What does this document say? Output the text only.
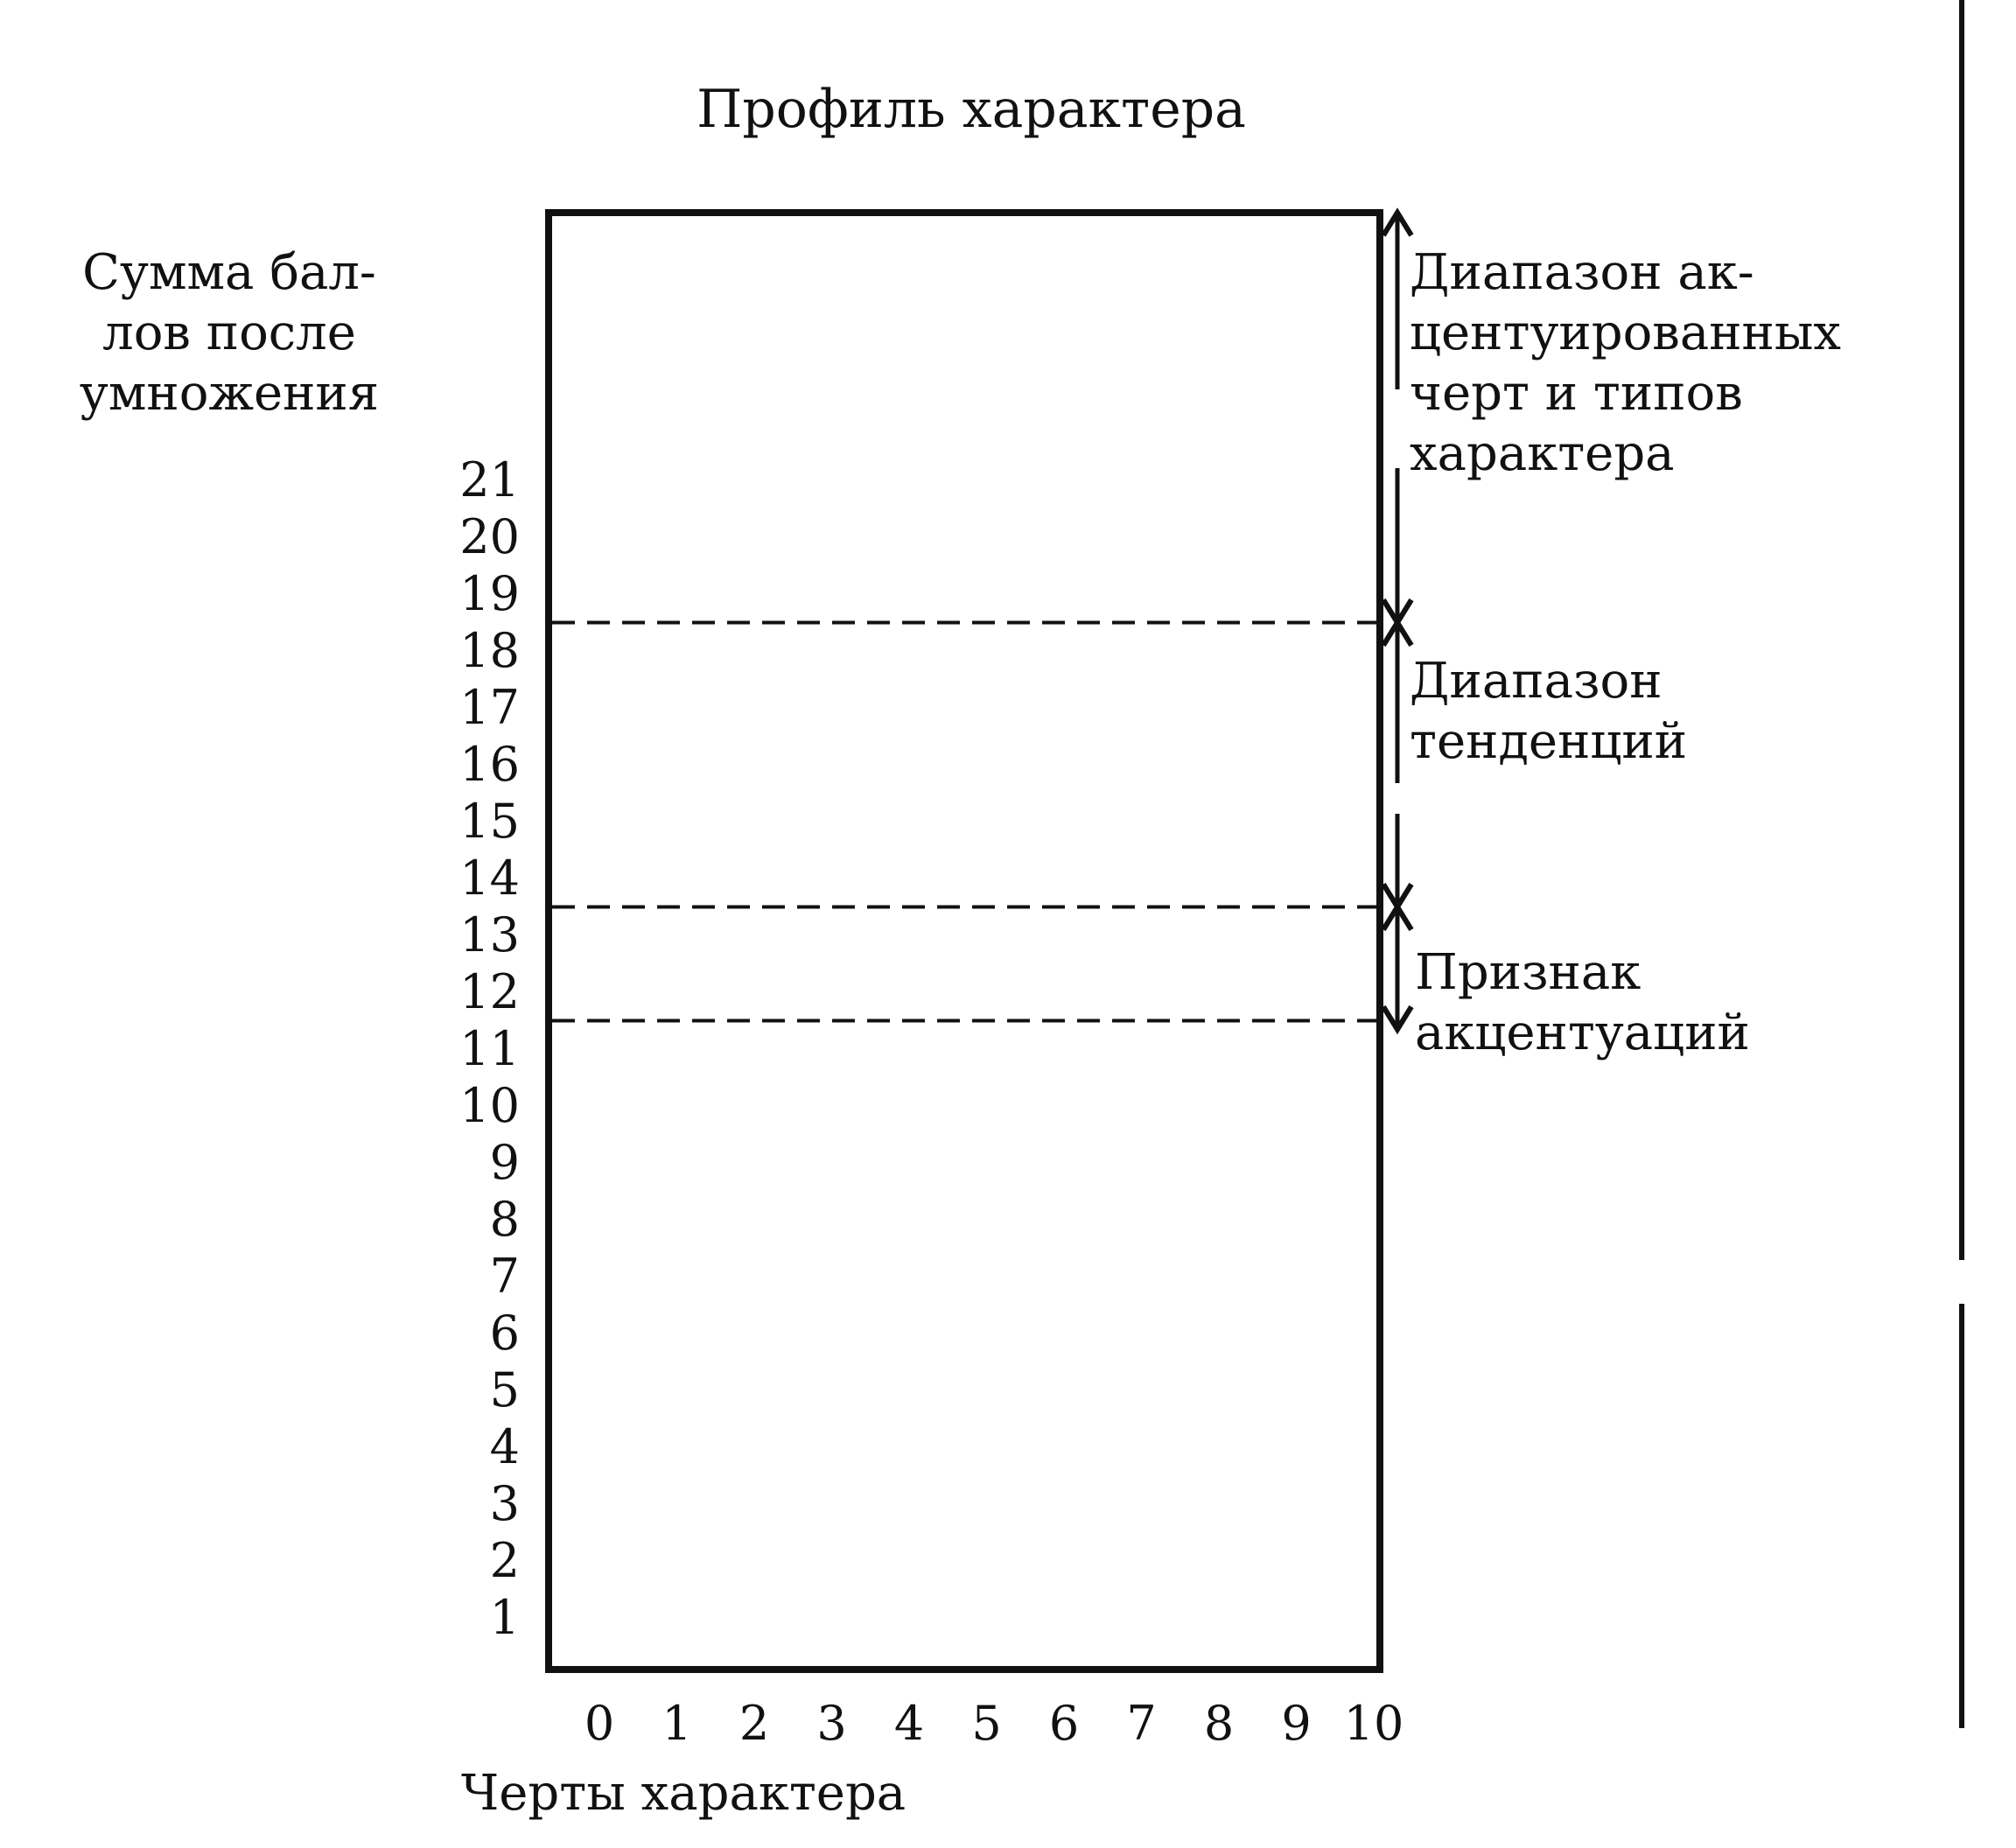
Профиль характера
Сумма бал-
лов после
умножения
1
2
3
4
5
6
7
8
9
10
11
12
13
14
15
16
17
18
19
20
21
0 1 2 3 4 5 6 7 8 9 10
Диапазон ак-
центуированных
черт и типов
характера
Диапазон
тенденций
Признак
акцентуаций
Черты характера
